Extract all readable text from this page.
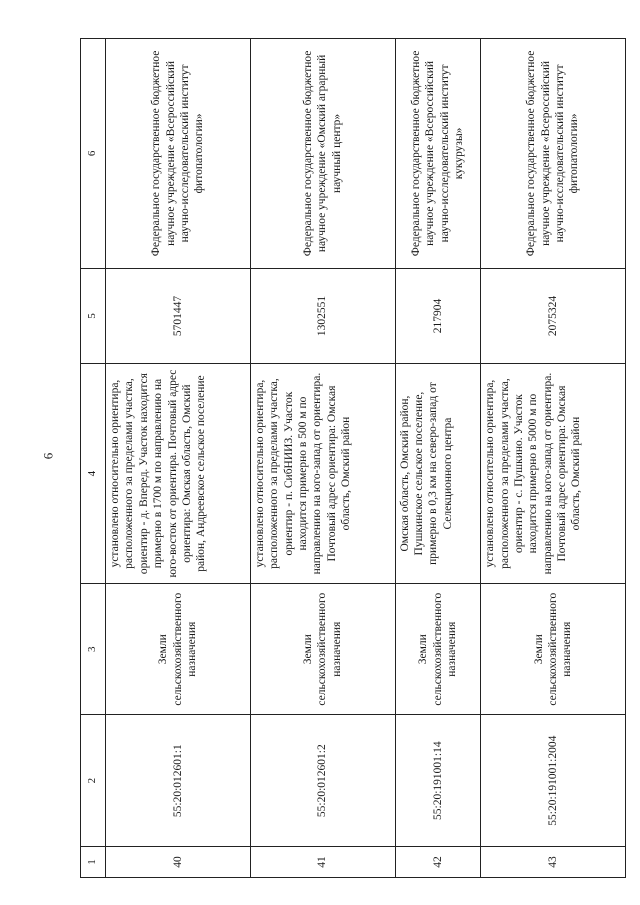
6
1	2	3	4	5	6
40	55:20:012601:1	Земли сельскохозяйственного назначения	установлено относительно ориентира, расположенного за пределами участка, ориентир - д. Вперед. Участок находится примерно в 1700 м по направлению на юго-восток от ориентира. Почтовый адрес ориентира: Омская область, Омский район, Андреевское сельское поселение	5701447	Федеральное государственное бюджетное научное учреждение «Всероссийский научно-исследовательский институт фитопатологии»
41	55:20:012601:2	Земли сельскохозяйственного назначения	установлено относительно ориентира, расположенного за пределами участка, ориентир - п. СибНИИЗ. Участок находится примерно в 500 м по направлению на юго-запад от ориентира. Почтовый адрес ориентира: Омская область, Омский район	1302551	Федеральное государственное бюджетное научное учреждение «Омский аграрный научный центр»
42	55:20:191001:14	Земли сельскохозяйственного назначения	Омская область, Омский район, Пушкинское сельское поселение, примерно в 0,3 км на северо-запад от Селекционного центра	217904	Федеральное государственное бюджетное научное учреждение «Всероссийский научно-исследовательский институт кукурузы»
43	55:20:191001:2004	Земли сельскохозяйственного назначения	установлено относительно ориентира, расположенного за пределами участка, ориентир - с. Пушкино. Участок находится примерно в 5000 м по направлению на юго-запад от ориентира. Почтовый адрес ориентира: Омская область, Омский район	2075324	Федеральное государственное бюджетное научное учреждение «Всероссийский научно-исследовательский институт фитопатологии»
